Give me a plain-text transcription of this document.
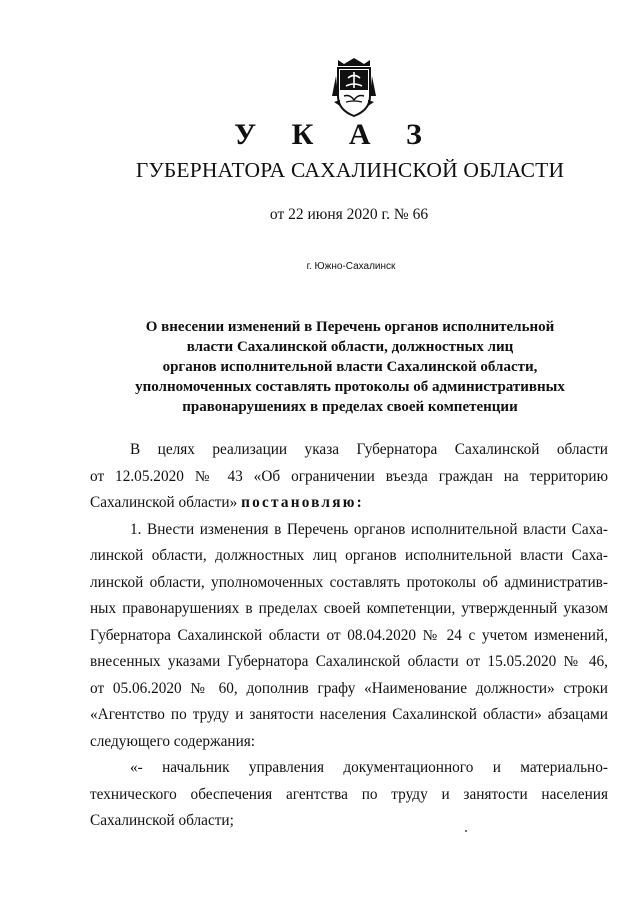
У К А З
ГУБЕРНАТОРА САХАЛИНСКОЙ ОБЛАСТИ
от 22 июня 2020 г. № 66
г. Южно-Сахалинск
О внесении изменений в Перечень органов исполнительной
власти Сахалинской области, должностных лиц
органов исполнительной власти Сахалинской области,
уполномоченных составлять протоколы об административных
правонарушениях в пределах своей компетенции
В целях реализации указа Губернатора Сахалинской области
от 12.05.2020 № 43 «Об ограничении въезда граждан на территорию
Сахалинской области» постановляю:
1. Внести изменения в Перечень органов исполнительной власти Саха-
линской области, должностных лиц органов исполнительной власти Саха-
линской области, уполномоченных составлять протоколы об административ-
ных правонарушениях в пределах своей компетенции, утвержденный указом
Губернатора Сахалинской области от 08.04.2020 № 24 с учетом изменений,
внесенных указами Губернатора Сахалинской области от 15.05.2020 № 46,
от 05.06.2020 № 60, дополнив графу «Наименование должности» строки
«Агентство по труду и занятости населения Сахалинской области» абзацами
следующего содержания:
«- начальник управления документационного и материально-
технического обеспечения агентства по труду и занятости населения
Сахалинской области;
